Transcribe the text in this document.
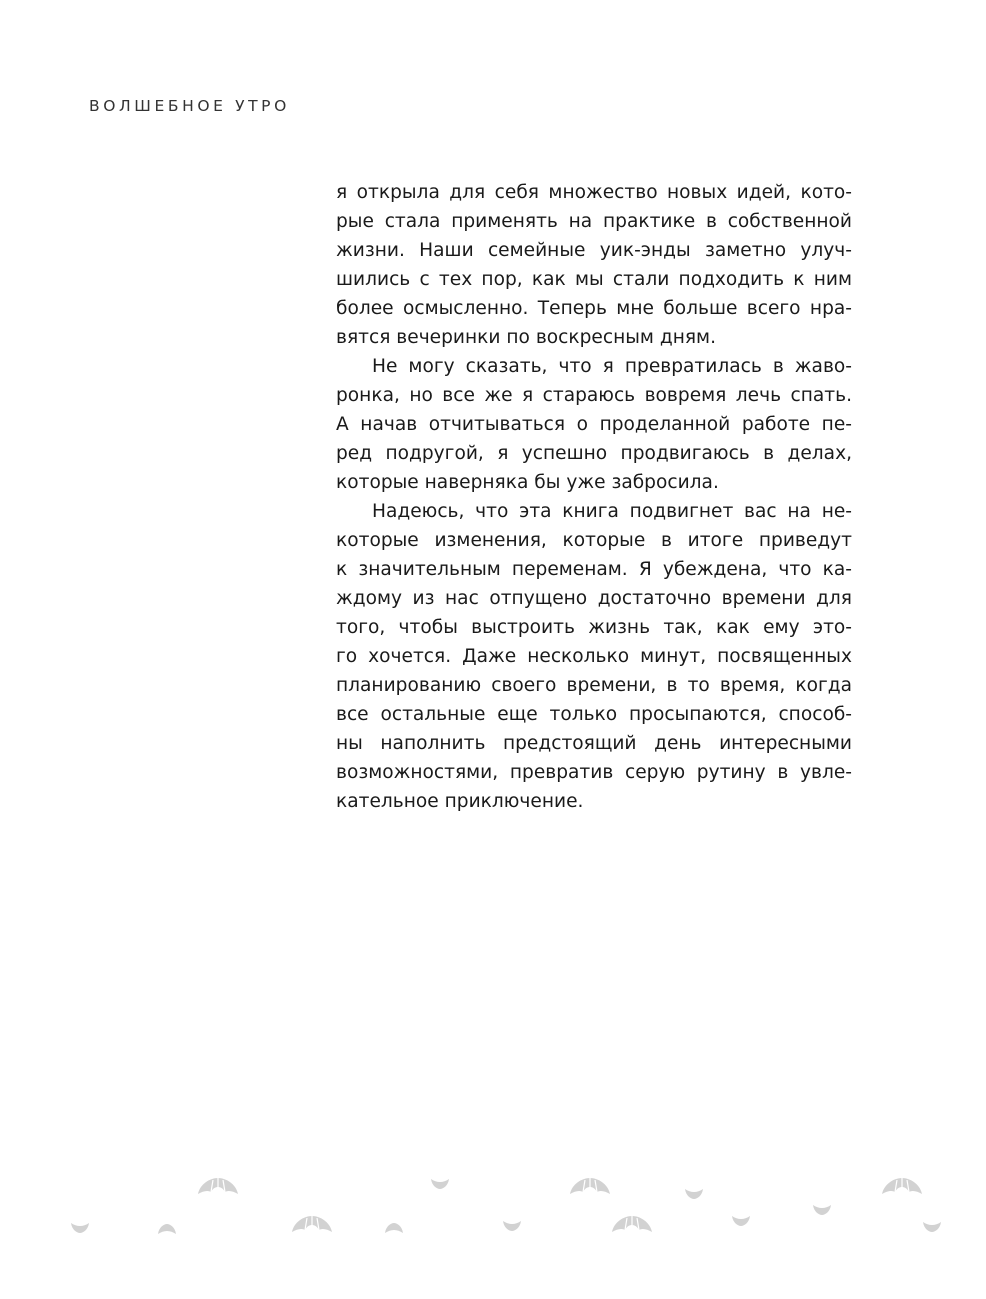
ВОЛШЕБНОЕ УТРО
я открыла для себя множество новых идей, кото-
рые стала применять на практике в собственной
жизни. Наши семейные уик-энды заметно улуч-
шились с тех пор, как мы стали подходить к ним
более осмысленно. Теперь мне больше всего нра-
вятся вечеринки по воскресным дням.
Не могу сказать, что я превратилась в жаво-
ронка, но все же я стараюсь вовремя лечь спать.
А начав отчитываться о проделанной работе пе-
ред подругой, я успешно продвигаюсь в делах,
которые наверняка бы уже забросила.
Надеюсь, что эта книга подвигнет вас на не-
которые изменения, которые в итоге приведут
к значительным переменам. Я убеждена, что ка-
ждому из нас отпущено достаточно времени для
того, чтобы выстроить жизнь так, как ему это-
го хочется. Даже несколько минут, посвященных
планированию своего времени, в то время, когда
все остальные еще только просыпаются, способ-
ны наполнить предстоящий день интересными
возможностями, превратив серую рутину в увле-
кательное приключение.
